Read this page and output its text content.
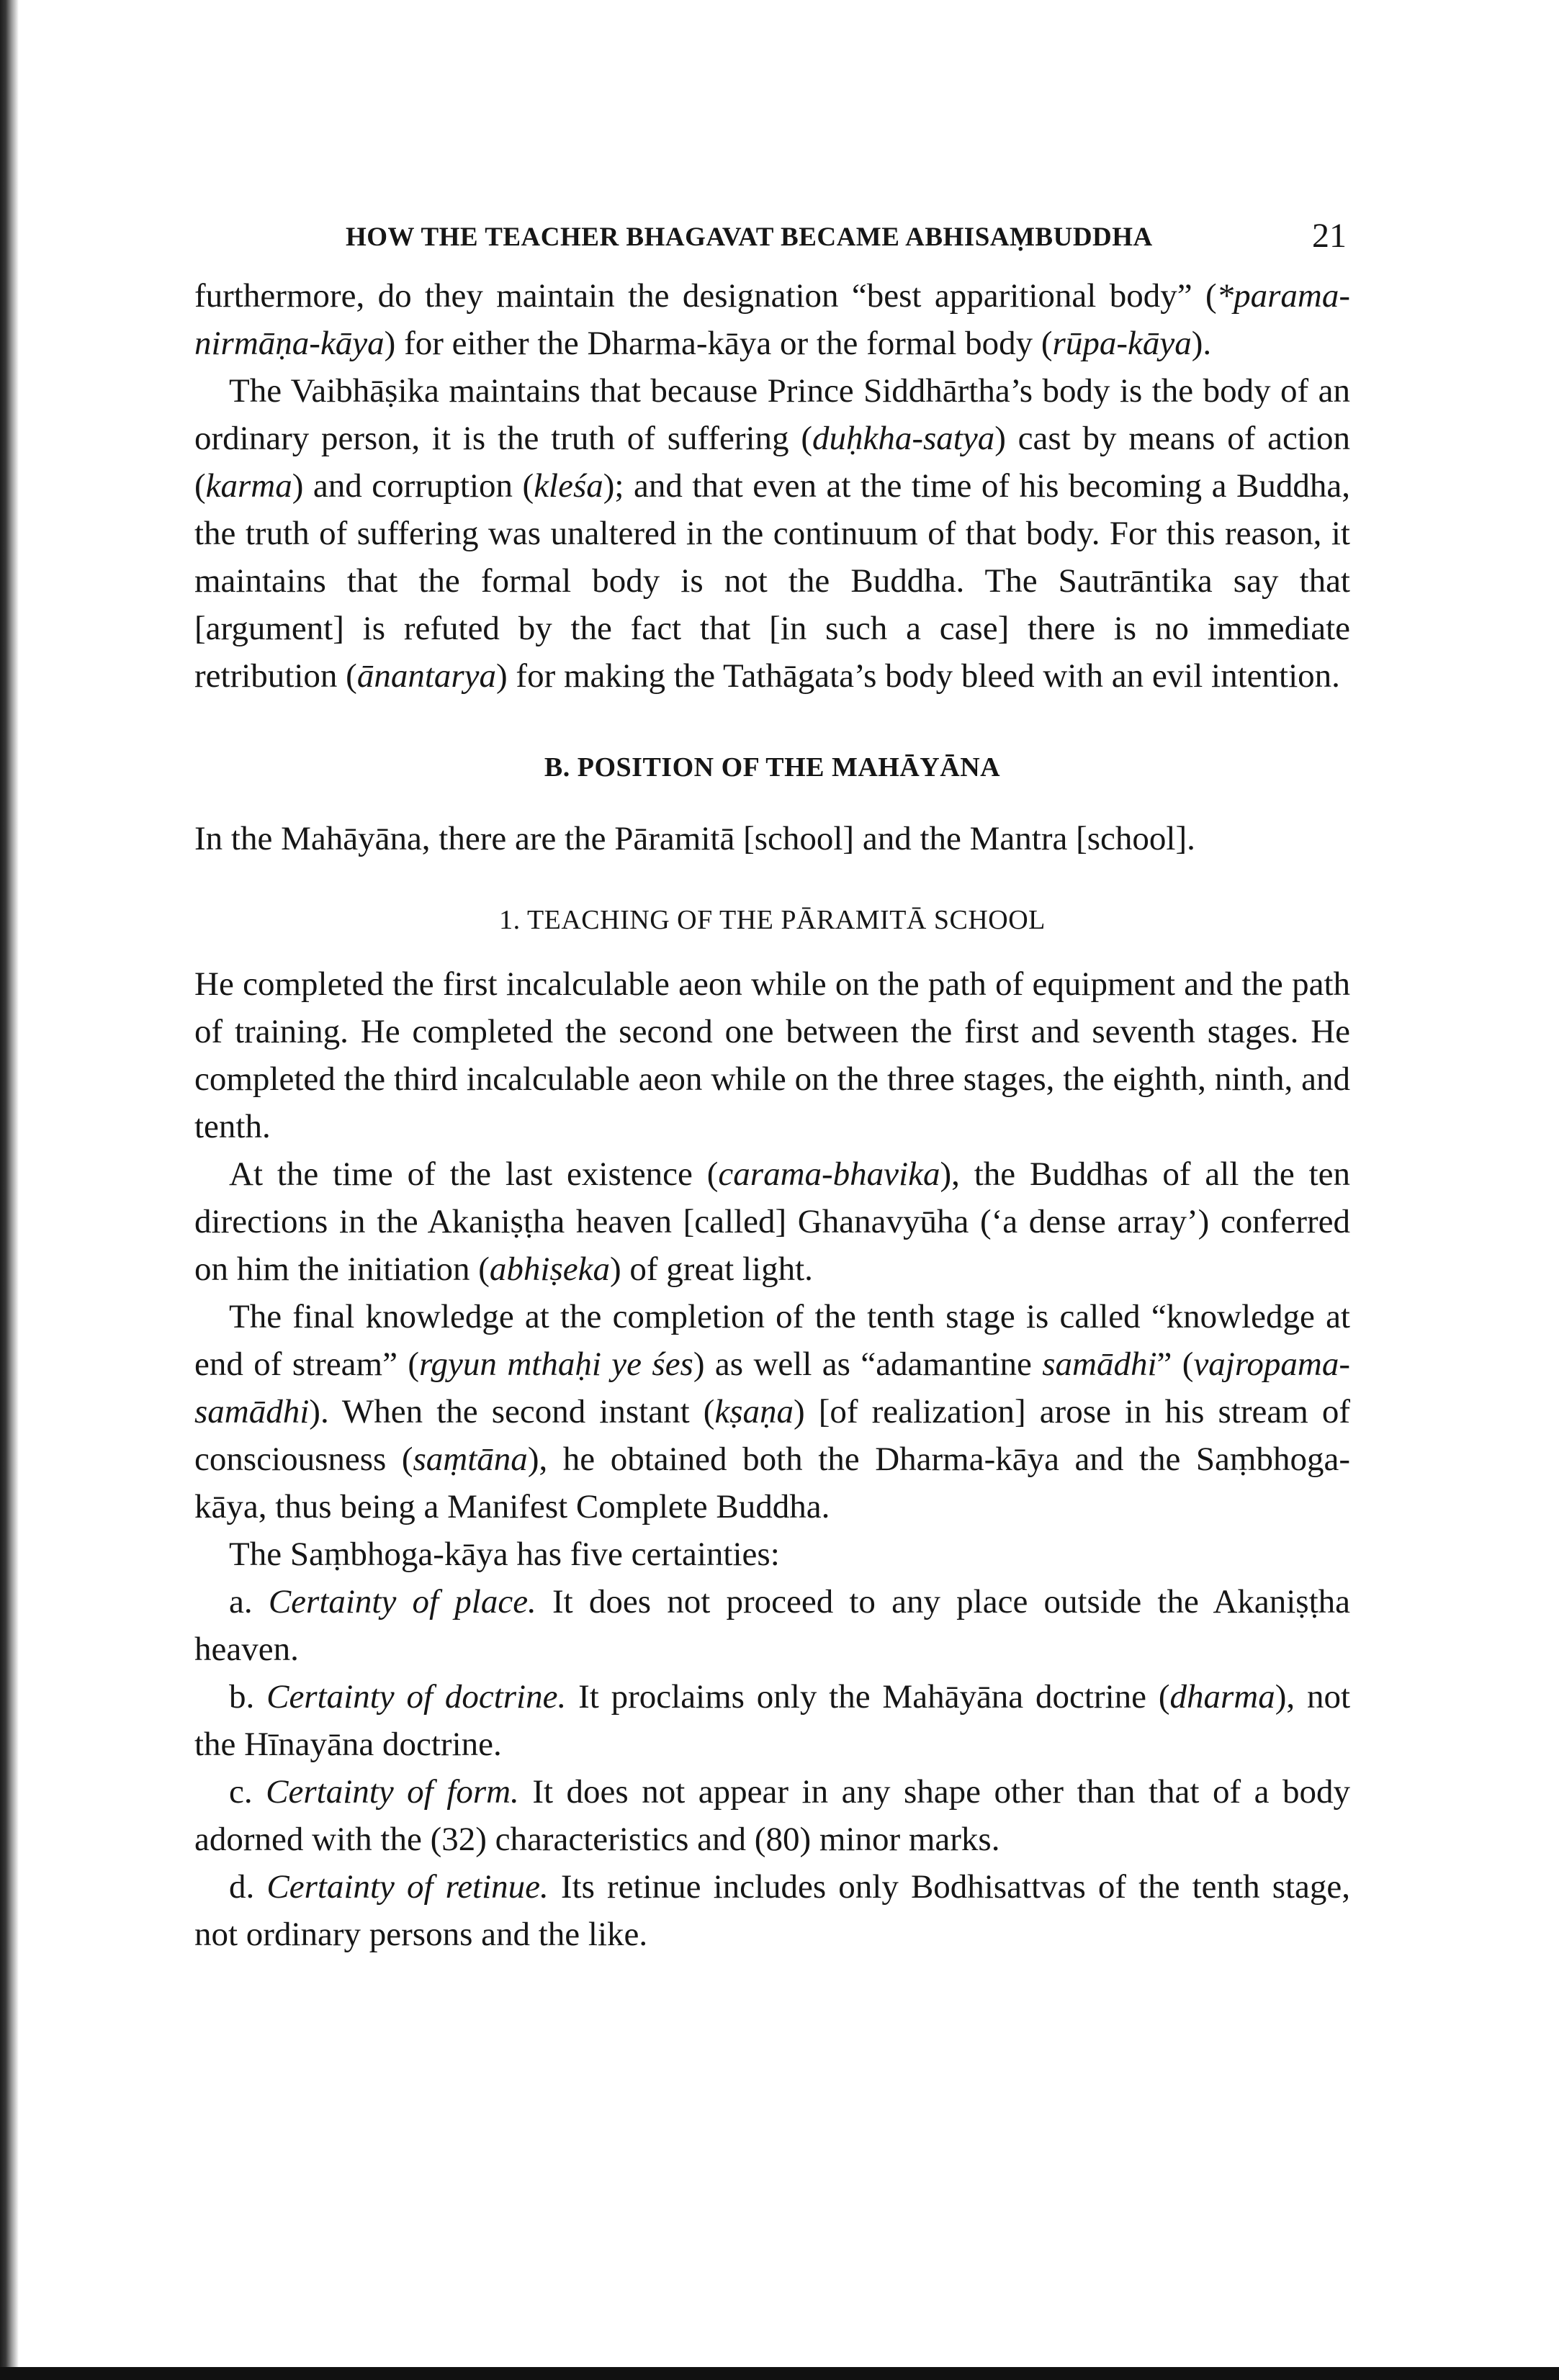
HOW THE TEACHER BHAGAVAT BECAME ABHISAṂBUDDHA	21

furthermore, do they maintain the designation “best apparitional body” (*parama-nirmāṇa-kāya) for either the Dharma-kāya or the formal body (rūpa-kāya).

The Vaibhāṣika maintains that because Prince Siddhārtha’s body is the body of an ordinary person, it is the truth of suffering (duḥkha-satya) cast by means of action (karma) and corruption (kleśa); and that even at the time of his becoming a Buddha, the truth of suffering was unaltered in the continuum of that body. For this reason, it maintains that the formal body is not the Buddha. The Sautrāntika say that [argument] is refuted by the fact that [in such a case] there is no immediate retribution (ānantarya) for making the Tathāgata’s body bleed with an evil intention.

B. POSITION OF THE MAHĀYĀNA

In the Mahāyāna, there are the Pāramitā [school] and the Mantra [school].

1. TEACHING OF THE PĀRAMITĀ SCHOOL

He completed the first incalculable aeon while on the path of equipment and the path of training. He completed the second one between the first and seventh stages. He completed the third incalculable aeon while on the three stages, the eighth, ninth, and tenth.

At the time of the last existence (carama-bhavika), the Buddhas of all the ten directions in the Akaniṣṭha heaven [called] Ghanavyūha (‘a dense array’) conferred on him the initiation (abhiṣeka) of great light.

The final knowledge at the completion of the tenth stage is called “knowledge at end of stream” (rgyun mthaḥi ye śes) as well as “adamantine samādhi” (vajropama-samādhi). When the second instant (kṣaṇa) [of realization] arose in his stream of consciousness (saṃtāna), he obtained both the Dharma-kāya and the Saṃbhoga-kāya, thus being a Manifest Complete Buddha.

The Saṃbhoga-kāya has five certainties:

a. Certainty of place. It does not proceed to any place outside the Akaniṣṭha heaven.

b. Certainty of doctrine. It proclaims only the Mahāyāna doctrine (dharma), not the Hīnayāna doctrine.

c. Certainty of form. It does not appear in any shape other than that of a body adorned with the (32) characteristics and (80) minor marks.

d. Certainty of retinue. Its retinue includes only Bodhisattvas of the tenth stage, not ordinary persons and the like.
